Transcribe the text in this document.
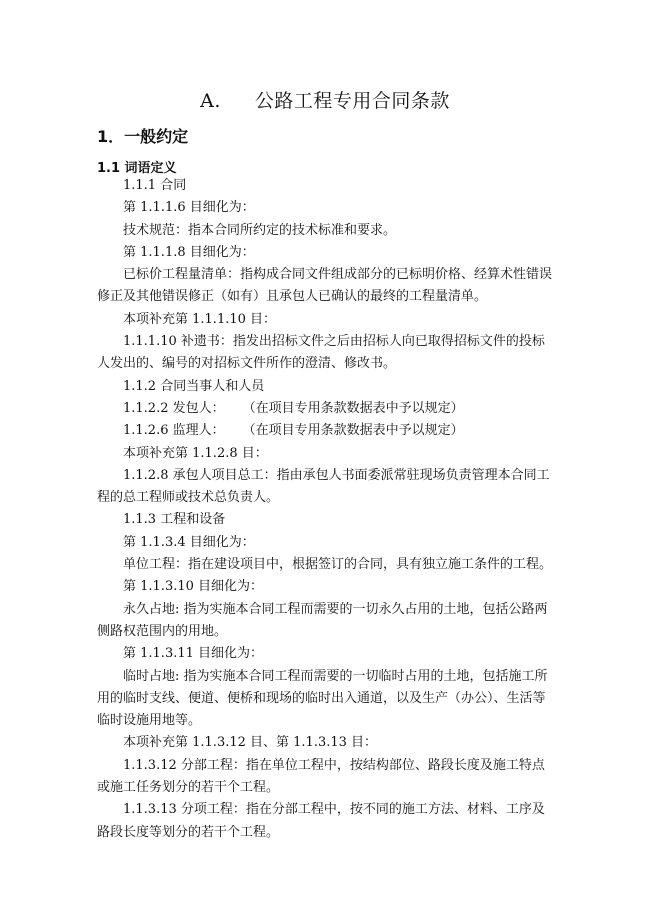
A. 公路工程专用合同条款
1．一般约定
1.1 词语定义

1.1.1 合同

第 1.1.1.6 目细化为：

技术规范：指本合同所约定的技术标准和要求。

第 1.1.1.8 目细化为：

已标价工程量清单：指构成合同文件组成部分的已标明价格、经算术性错误

修正及其他错误修正（如有）且承包人已确认的最终的工程量清单。

本项补充第 1.1.1.10 目：

1.1.1.10 补遗书：指发出招标文件之后由招标人向已取得招标文件的投标

人发出的、编号的对招标文件所作的澄清、修改书。

1.1.2 合同当事人和人员

1.1.2.2 发包人： （在项目专用条款数据表中予以规定）

1.1.2.6 监理人： （在项目专用条款数据表中予以规定）

本项补充第 1.1.2.8 目：

1.1.2.8 承包人项目总工：指由承包人书面委派常驻现场负责管理本合同工

程的总工程师或技术总负责人。

1.1.3 工程和设备

第 1.1.3.4 目细化为：

单位工程：指在建设项目中，根据签订的合同，具有独立施工条件的工程。

第 1.1.3.10 目细化为：

永久占地: 指为实施本合同工程而需要的一切永久占用的土地，包括公路两

侧路权范围内的用地。

第 1.1.3.11 目细化为：

临时占地: 指为实施本合同工程而需要的一切临时占用的土地，包括施工所

用的临时支线、便道、便桥和现场的临时出入通道，以及生产（办公）、生活等

临时设施用地等。

本项补充第 1.1.3.12 目、第 1.1.3.13 目：

1.1.3.12 分部工程：指在单位工程中，按结构部位、路段长度及施工特点

或施工任务划分的若干个工程。

1.1.3.13 分项工程：指在分部工程中，按不同的施工方法、材料、工序及

路段长度等划分的若干个工程。
